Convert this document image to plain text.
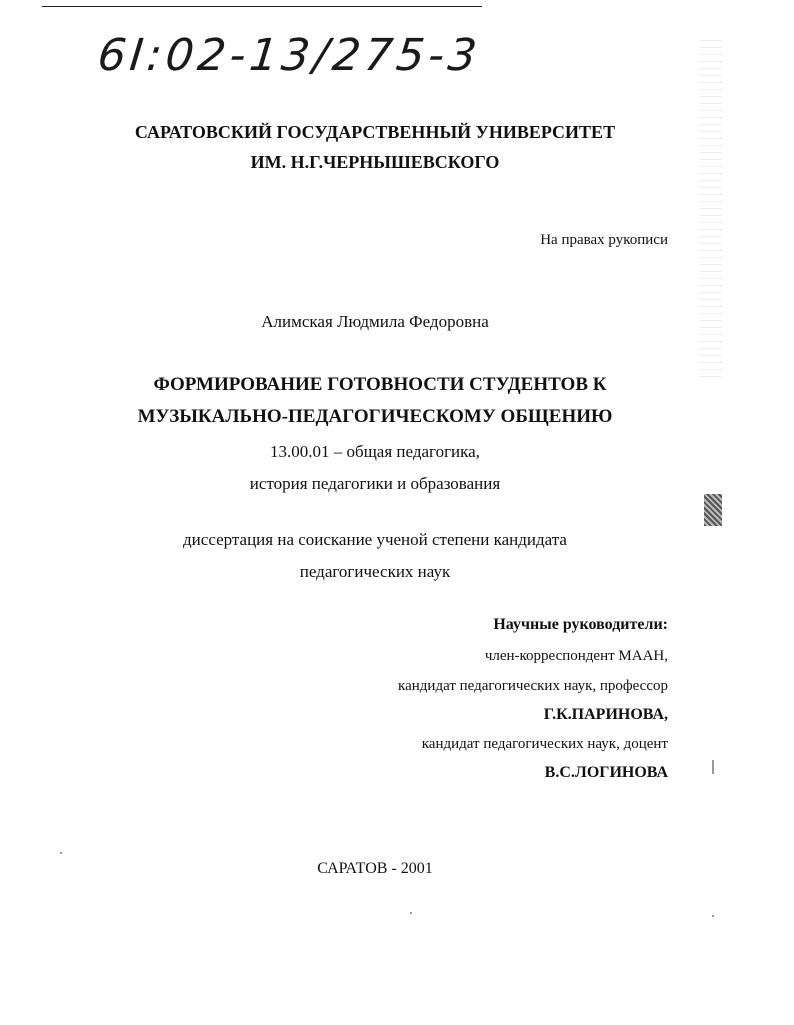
6I:02-13/275-3
САРАТОВСКИЙ ГОСУДАРСТВЕННЫЙ УНИВЕРСИТЕТ
ИМ. Н.Г.ЧЕРНЫШЕВСКОГО
На правах рукописи
Алимская Людмила Федоровна
ФОРМИРОВАНИЕ ГОТОВНОСТИ СТУДЕНТОВ К
МУЗЫКАЛЬНО-ПЕДАГОГИЧЕСКОМУ ОБЩЕНИЮ
13.00.01 – общая педагогика,
история педагогики и образования
диссертация на соискание ученой степени кандидата
педагогических наук
Научные руководители:
член-корреспондент МААН,
кандидат педагогических наук, профессор
Г.К.ПАРИНОВА,
кандидат педагогических наук, доцент
В.С.ЛОГИНОВА
САРАТОВ - 2001
